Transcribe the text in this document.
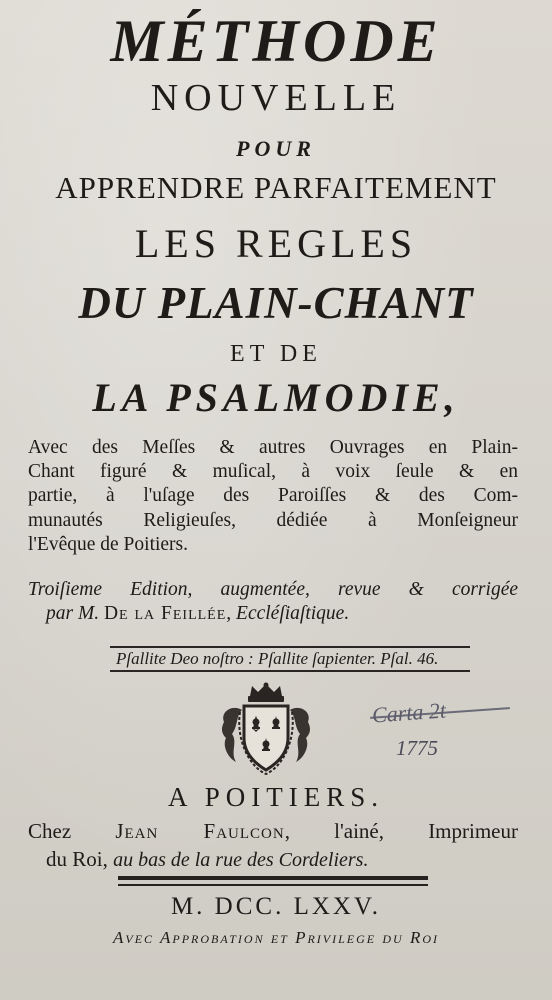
MÉTHODE
NOUVELLE
POUR
APPRENDRE PARFAITEMENT
LES REGLES
DU PLAIN-CHANT
ET DE
LA PSALMODIE,
Avec des Meſſes & autres Ouvrages en Plain-
Chant figuré & muſical, à voix ſeule & en
partie, à l'uſage des Paroiſſes & des Com-
munautés Religieuſes, dédiée à Monſeigneur
l'Evêque de Poitiers.
Troiſieme Edition, augmentée, revue & corrigée
par M. De la Feillée, Eccléſiaſtique.
Pſallite Deo noſtro : Pſallite ſapienter. Pſal. 46.
Carta 2t
1775
A POITIERS.
Chez Jean Faulcon, l'ainé, Imprimeur
du Roi, au bas de la rue des Cordeliers.
M. DCC. LXXV.
Avec Approbation et Privilege du Roi
